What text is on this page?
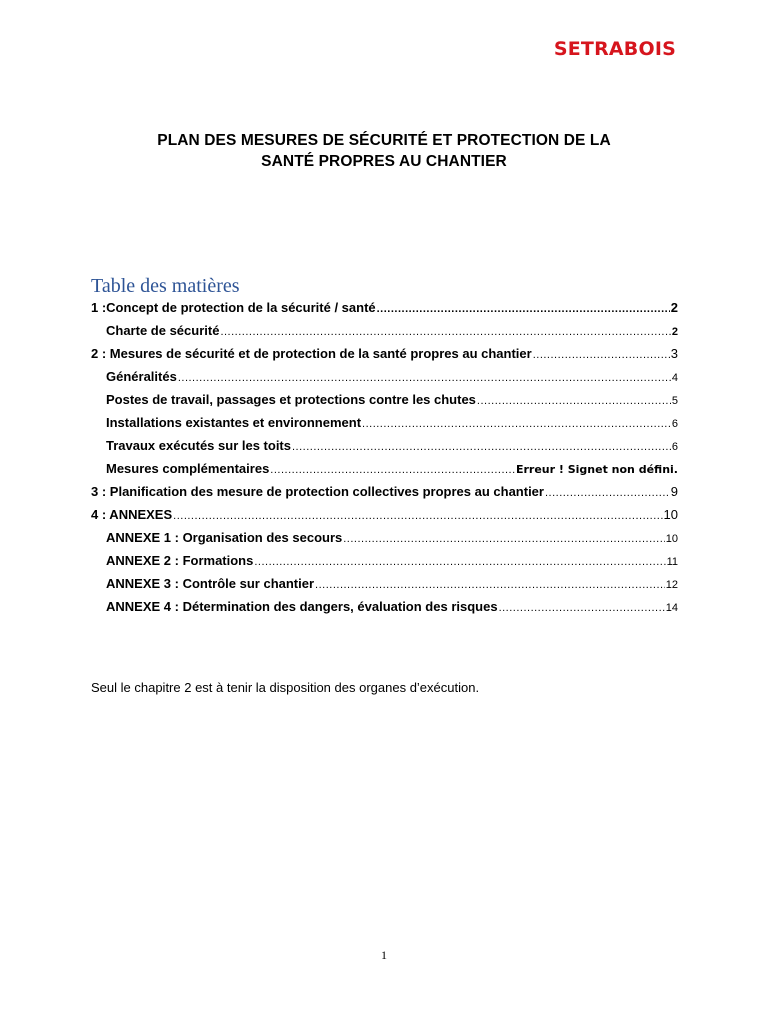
SETRABOIS
PLAN DES MESURES DE SÉCURITÉ ET PROTECTION DE LA
SANTÉ PROPRES AU CHANTIER
Table des matières
1 :Concept de protection de la sécurité / santé .....	2
Charte de sécurité .....	2
2 : Mesures de sécurité et de protection de la santé propres au chantier .....	3
Généralités .....	4
Postes de travail, passages et protections contre les chutes .....	5
Installations existantes et environnement .....	6
Travaux exécutés sur les toits .....	6
Mesures complémentaires .....	Erreur ! Signet non défini.
3 : Planification des mesure de protection collectives propres au chantier .....	9
4 : ANNEXES .....	10
ANNEXE 1 : Organisation des secours .....	10
ANNEXE 2 : Formations .....	11
ANNEXE 3 : Contrôle sur chantier .....	12
ANNEXE 4 : Détermination des dangers, évaluation des risques .....	14
Seul le chapitre 2 est à tenir la disposition des organes d’exécution.
1
